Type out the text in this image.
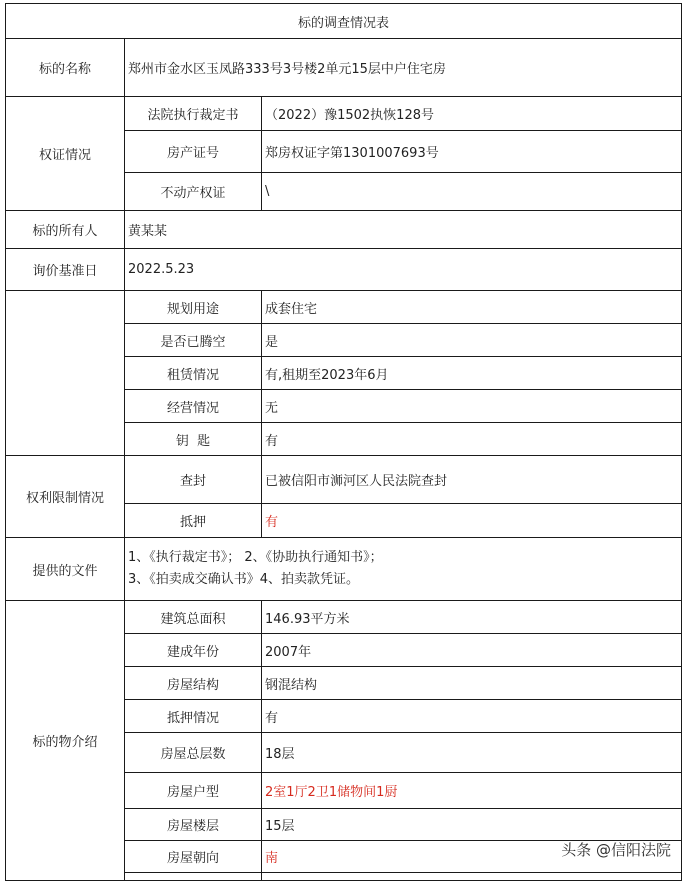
标的调查情况表		
标的名称	郑州市金水区玉凤路333号3号楼2单元15层中户住宅房	
权证情况	法院执行裁定书	（2022）豫1502执恢128号
	房产证号	郑房权证字第1301007693号
	不动产权证	\
标的所有人	黄某某	
询价基准日	2022.5.23	
	规划用途	成套住宅
	是否已腾空	是
	租赁情况	有,租期至2023年6月
	经营情况	无
	钥  匙	有
权利限制情况	查封	已被信阳市浉河区人民法院查封
	抵押	有
提供的文件	1、《执行裁定书》； 2、《协助执行通知书》；
3、《拍卖成交确认书》4、拍卖款凭证。	

标的物介绍	建筑总面积	146.93平方米
	建成年份	2007年
	房屋结构	钢混结构
	抵押情况	有
	房屋总层数	18层
	房屋户型	2室1厅2卫1储物间1厨
	房屋楼层	15层
	房屋朝向	南
		头条 @信阳法院
